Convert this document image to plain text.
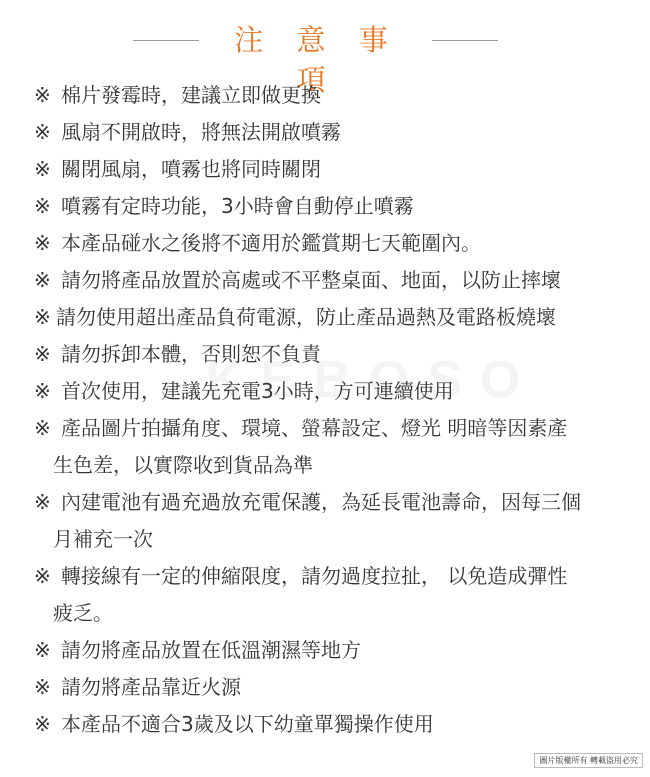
注 意 事 項
※ 棉片發霉時，建議立即做更換
※ 風扇不開啟時，將無法開啟噴霧
※ 關閉風扇，噴霧也將同時關閉
※ 噴霧有定時功能，3小時會自動停止噴霧
※ 本產品碰水之後將不適用於鑑賞期七天範圍內。
※ 請勿將產品放置於高處或不平整桌面、地面，以防止摔壞
※ 請勿使用超出產品負荷電源，防止產品過熱及電路板燒壞
※ 請勿拆卸本體，否則恕不負責
※ 首次使用，建議先充電3小時，方可連續使用
※ 產品圖片拍攝角度、環境、螢幕設定、燈光 明暗等因素產
生色差，以實際收到貨品為準
※ 內建電池有過充過放充電保護，為延長電池壽命，因每三個
月補充一次
※ 轉接線有一定的伸縮限度，請勿過度拉扯， 以免造成彈性
疲乏。
※ 請勿將產品放置在低溫潮濕等地方
※ 請勿將產品靠近火源
※ 本產品不適合3歲及以下幼童單獨操作使用
圖片版權所有 轉載盜用必究
